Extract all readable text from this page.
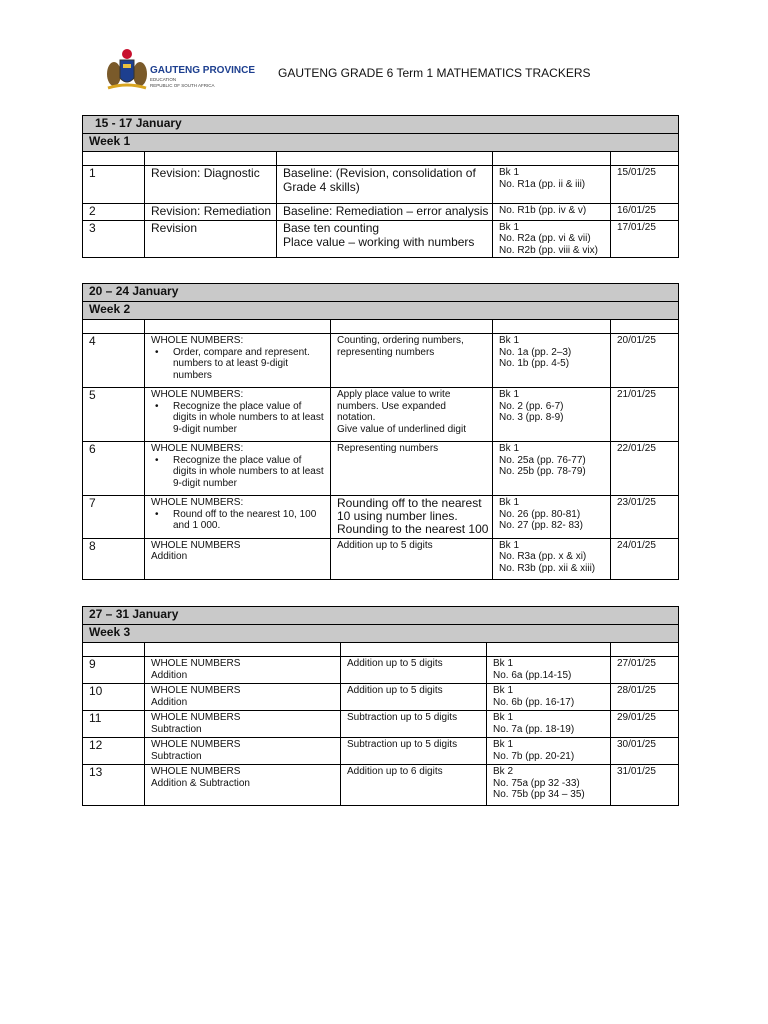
GAUTENG PROVINCE
EDUCATION
REPUBLIC OF SOUTH AFRICA
GAUTENG GRADE 6 Term 1 MATHEMATICS TRACKERS
15 - 17 January				
Week 1				

1	Revision: Diagnostic	Baseline: (Revision, consolidation of
Grade 4 skills)	Bk 1
No. R1a (pp. ii & iii)	15/01/25
2	Revision: Remediation	Baseline: Remediation – error analysis	No. R1b (pp. iv & v)	16/01/25
3	Revision	Base ten counting
Place value – working with numbers	Bk 1
No. R2a (pp. vi & vii)
No. R2b (pp. viii & vix)	17/01/25
20 – 24 January				
Week 2				

4	WHOLE NUMBERS:
• Order, compare and represent. numbers to at least 9-digit numbers	Counting, ordering numbers,
representing numbers	Bk 1
No. 1a (pp. 2–3)
No. 1b (pp. 4-5)	20/01/25
5	WHOLE NUMBERS:
• Recognize the place value of digits in whole numbers to at least 9-digit number	Apply place value to write
numbers. Use expanded
notation.
Give value of underlined digit	Bk 1
No. 2 (pp. 6-7)
No. 3 (pp. 8-9)	21/01/25
6	WHOLE NUMBERS:
• Recognize the place value of digits in whole numbers to at least 9-digit number	Representing numbers	Bk 1
No. 25a (pp. 76-77)
No. 25b (pp. 78-79)	22/01/25
7	WHOLE NUMBERS:
• Round off to the nearest 10, 100 and 1 000.	Rounding off to the nearest
10 using number lines.
Rounding to the nearest 100	Bk 1
No. 26 (pp. 80-81)
No. 27 (pp. 82- 83)	23/01/25
8	WHOLE NUMBERS
Addition	Addition up to 5 digits	Bk 1
No. R3a (pp. x & xi)
No. R3b (pp. xii & xiii)	24/01/25
27 – 31 January				
Week 3				

9	WHOLE NUMBERS
Addition	Addition up to 5 digits	Bk 1
No. 6a (pp.14-15)	27/01/25
10	WHOLE NUMBERS
Addition	Addition up to 5 digits	Bk 1
No. 6b (pp. 16-17)	28/01/25
11	WHOLE NUMBERS
Subtraction	Subtraction up to 5 digits	Bk 1
No. 7a (pp. 18-19)	29/01/25
12	WHOLE NUMBERS
Subtraction	Subtraction up to 5 digits	Bk 1
No. 7b (pp. 20-21)	30/01/25
13	WHOLE NUMBERS
Addition & Subtraction	Addition up to 6 digits	Bk 2
No. 75a (pp 32 -33)
No. 75b (pp 34 – 35)	31/01/25
